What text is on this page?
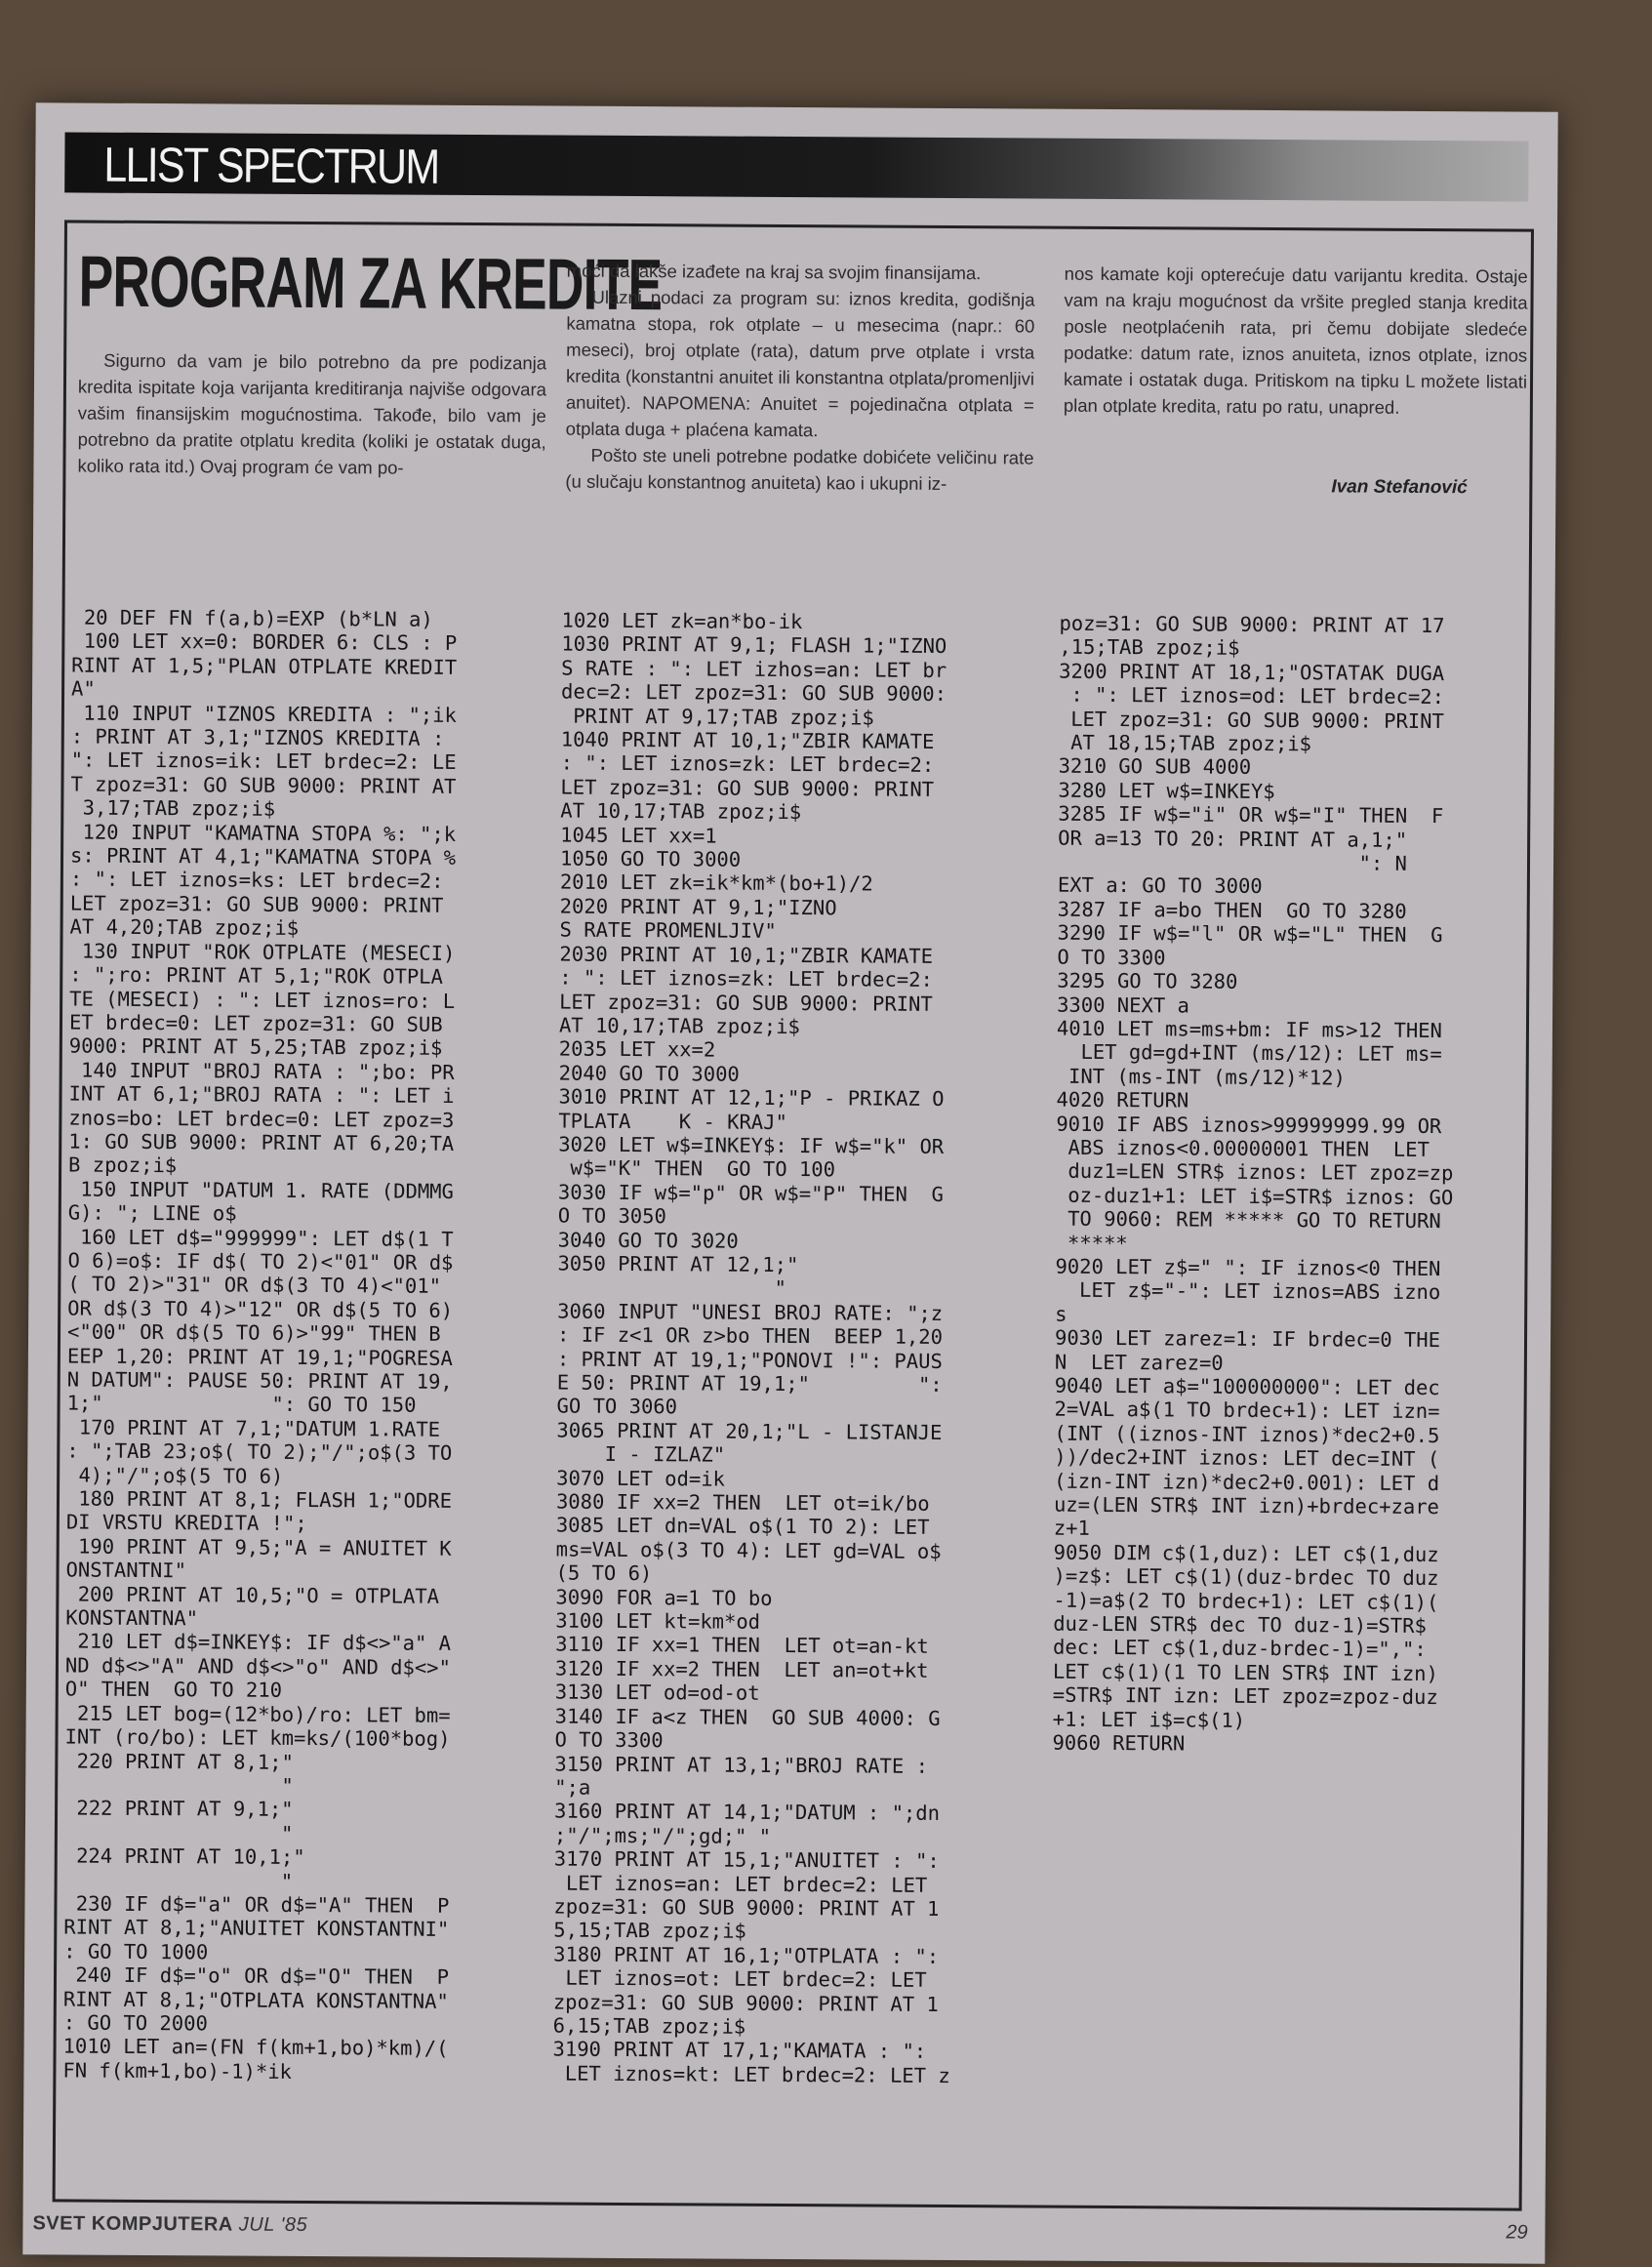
LLIST SPECTRUM
PROGRAM ZA KREDITE

Sigurno da vam je bilo potrebno da pre podizanja kredita ispitate koja varijanta kreditiranja najviše odgovara vašim finansijskim mogućnostima. Takođe, bilo vam je potrebno da pratite otplatu kredita (koliki je ostatak duga, koliko rata itd.) Ovaj program će vam po-

moći da lakše izađete na kraj sa svojim finansijama.

Ulazni podaci za program su: iznos kredita, godišnja kamatna stopa, rok otplate – u mesecima (napr.: 60 meseci), broj otplate (rata), datum prve otplate i vrsta kredita (konstantni anuitet ili konstantna otplata/promenljivi anuitet). NAPOMENA: Anuitet = pojedinačna otplata = otplata duga + plaćena kamata.

Pošto ste uneli potrebne podatke dobićete veličinu rate (u slučaju konstantnog anuiteta) kao i ukupni iz-

nos kamate koji opterećuje datu varijantu kredita. Ostaje vam na kraju mogućnost da vršite pregled stanja kredita posle neotplaćenih rata, pri čemu dobijate sledeće podatke: datum rate, iznos anuiteta, iznos otplate, iznos kamate i ostatak duga. Pritiskom na tipku L možete listati plan otplate kredita, ratu po ratu, unapred.

Ivan Stefanović
20 DEF FN f(a,b)=EXP (b*LN a)
100 LET xx=0: BORDER 6: CLS : P
RINT AT 1,5;"PLAN OTPLATE KREDIT
A"
110 INPUT "IZNOS KREDITA : ";ik
: PRINT AT 3,1;"IZNOS KREDITA :
": LET iznos=ik: LET brdec=2: LE
T zpoz=31: GO SUB 9000: PRINT AT
3,17;TAB zpoz;i$
120 INPUT "KAMATNA STOPA %: ";k
s: PRINT AT 4,1;"KAMATNA STOPA %
: ": LET iznos=ks: LET brdec=2:
LET zpoz=31: GO SUB 9000: PRINT
AT 4,20;TAB zpoz;i$
130 INPUT "ROK OTPLATE (MESECI)
: ";ro: PRINT AT 5,1;"ROK OTPLA
TE (MESECI) : ": LET iznos=ro: L
ET brdec=0: LET zpoz=31: GO SUB
9000: PRINT AT 5,25;TAB zpoz;i$
140 INPUT "BROJ RATA : ";bo: PR
INT AT 6,1;"BROJ RATA : ": LET i
znos=bo: LET brdec=0: LET zpoz=3
1: GO SUB 9000: PRINT AT 6,20;TA
B zpoz;i$
150 INPUT "DATUM 1. RATE (DDMMG
G): "; LINE o$
160 LET d$="999999": LET d$(1 T
O 6)=o$: IF d$( TO 2)<"01" OR d$
( TO 2)>"31" OR d$(3 TO 4)<"01"
OR d$(3 TO 4)>"12" OR d$(5 TO 6)
<"00" OR d$(5 TO 6)>"99" THEN B
EEP 1,20: PRINT AT 19,1;"POGRESA
N DATUM": PAUSE 50: PRINT AT 19,
1;"              ": GO TO 150
170 PRINT AT 7,1;"DATUM 1.RATE
: ";TAB 23;o$( TO 2);"/";o$(3 TO
4);"/";o$(5 TO 6)
180 PRINT AT 8,1; FLASH 1;"ODRE
DI VRSTU KREDITA !";
190 PRINT AT 9,5;"A = ANUITET K
ONSTANTNI"
200 PRINT AT 10,5;"O = OTPLATA
KONSTANTNA"
210 LET d$=INKEY$: IF d$<>"a" A
ND d$<>"A" AND d$<>"o" AND d$<>"
O" THEN  GO TO 210
215 LET bog=(12*bo)/ro: LET bm=
INT (ro/bo): LET km=ks/(100*bog)
220 PRINT AT 8,1;"
"
222 PRINT AT 9,1;"
"
224 PRINT AT 10,1;"
"
230 IF d$="a" OR d$="A" THEN  P
RINT AT 8,1;"ANUITET KONSTANTNI"
: GO TO 1000
240 IF d$="o" OR d$="O" THEN  P
RINT AT 8,1;"OTPLATA KONSTANTNA"
: GO TO 2000
1010 LET an=(FN f(km+1,bo)*km)/(
FN f(km+1,bo)-1)*ik
1020 LET zk=an*bo-ik
1030 PRINT AT 9,1; FLASH 1;"IZNO
S RATE : ": LET izhos=an: LET br
dec=2: LET zpoz=31: GO SUB 9000:
PRINT AT 9,17;TAB zpoz;i$
1040 PRINT AT 10,1;"ZBIR KAMATE
: ": LET iznos=zk: LET brdec=2:
LET zpoz=31: GO SUB 9000: PRINT
AT 10,17;TAB zpoz;i$
1045 LET xx=1
1050 GO TO 3000
2010 LET zk=ik*km*(bo+1)/2
2020 PRINT AT 9,1;"IZNO
S RATE PROMENLJIV"
2030 PRINT AT 10,1;"ZBIR KAMATE
: ": LET iznos=zk: LET brdec=2:
LET zpoz=31: GO SUB 9000: PRINT
AT 10,17;TAB zpoz;i$
2035 LET xx=2
2040 GO TO 3000
3010 PRINT AT 12,1;"P - PRIKAZ O
TPLATA    K - KRAJ"
3020 LET w$=INKEY$: IF w$="k" OR
w$="K" THEN  GO TO 100
3030 IF w$="p" OR w$="P" THEN  G
O TO 3050
3040 GO TO 3020
3050 PRINT AT 12,1;"
"
3060 INPUT "UNESI BROJ RATE: ";z
: IF z<1 OR z>bo THEN  BEEP 1,20
: PRINT AT 19,1;"PONOVI !": PAUS
E 50: PRINT AT 19,1;"         ":
GO TO 3060
3065 PRINT AT 20,1;"L - LISTANJE
I - IZLAZ"
3070 LET od=ik
3080 IF xx=2 THEN  LET ot=ik/bo
3085 LET dn=VAL o$(1 TO 2): LET
ms=VAL o$(3 TO 4): LET gd=VAL o$
(5 TO 6)
3090 FOR a=1 TO bo
3100 LET kt=km*od
3110 IF xx=1 THEN  LET ot=an-kt
3120 IF xx=2 THEN  LET an=ot+kt
3130 LET od=od-ot
3140 IF a<z THEN  GO SUB 4000: G
O TO 3300
3150 PRINT AT 13,1;"BROJ RATE :
";a
3160 PRINT AT 14,1;"DATUM : ";dn
;"/";ms;"/";gd;" "
3170 PRINT AT 15,1;"ANUITET : ":
LET iznos=an: LET brdec=2: LET
zpoz=31: GO SUB 9000: PRINT AT 1
5,15;TAB zpoz;i$
3180 PRINT AT 16,1;"OTPLATA : ":
LET iznos=ot: LET brdec=2: LET
zpoz=31: GO SUB 9000: PRINT AT 1
6,15;TAB zpoz;i$
3190 PRINT AT 17,1;"KAMATA : ":
LET iznos=kt: LET brdec=2: LET z
poz=31: GO SUB 9000: PRINT AT 17
,15;TAB zpoz;i$
3200 PRINT AT 18,1;"OSTATAK DUGA
: ": LET iznos=od: LET brdec=2:
LET zpoz=31: GO SUB 9000: PRINT
AT 18,15;TAB zpoz;i$
3210 GO SUB 4000
3280 LET w$=INKEY$
3285 IF w$="i" OR w$="I" THEN  F
OR a=13 TO 20: PRINT AT a,1;"
": N
EXT a: GO TO 3000
3287 IF a=bo THEN  GO TO 3280
3290 IF w$="l" OR w$="L" THEN  G
O TO 3300
3295 GO TO 3280
3300 NEXT a
4010 LET ms=ms+bm: IF ms>12 THEN
LET gd=gd+INT (ms/12): LET ms=
INT (ms-INT (ms/12)*12)
4020 RETURN
9010 IF ABS iznos>99999999.99 OR
ABS iznos<0.00000001 THEN  LET
duz1=LEN STR$ iznos: LET zpoz=zp
oz-duz1+1: LET i$=STR$ iznos: GO
TO 9060: REM ***** GO TO RETURN
*****
9020 LET z$=" ": IF iznos<0 THEN
LET z$="-": LET iznos=ABS izno
s
9030 LET zarez=1: IF brdec=0 THE
N  LET zarez=0
9040 LET a$="100000000": LET dec
2=VAL a$(1 TO brdec+1): LET izn=
(INT ((iznos-INT iznos)*dec2+0.5
))/dec2+INT iznos: LET dec=INT (
(izn-INT izn)*dec2+0.001): LET d
uz=(LEN STR$ INT izn)+brdec+zare
z+1
9050 DIM c$(1,duz): LET c$(1,duz
)=z$: LET c$(1)(duz-brdec TO duz
-1)=a$(2 TO brdec+1): LET c$(1)(
duz-LEN STR$ dec TO duz-1)=STR$
dec: LET c$(1,duz-brdec-1)=",":
LET c$(1)(1 TO LEN STR$ INT izn)
=STR$ INT izn: LET zpoz=zpoz-duz
+1: LET i$=c$(1)
9060 RETURN
SVET KOMPJUTERA JUL '85	29
